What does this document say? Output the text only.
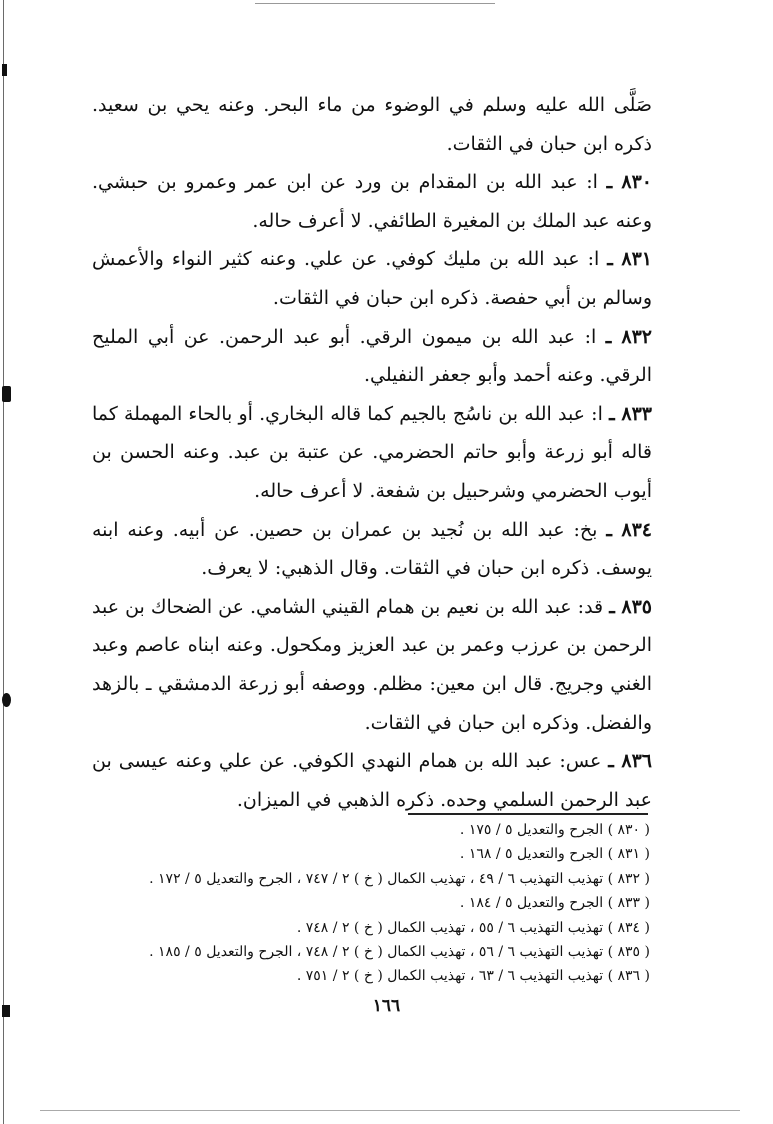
صَلَّى الله عليه وسلم في الوضوء من ماء البحر. وعنه يحي بن سعيد. ذكره ابن حبان في الثقات.

٨٣٠ ـ ا: عبد الله بن المقدام بن ورد عن ابن عمر وعمرو بن حبشي. وعنه عبد الملك بن المغيرة الطائفي. لا أعرف حاله.

٨٣١ ـ ا: عبد الله بن مليك كوفي. عن علي. وعنه كثير النواء والأعمش وسالم بن أبي حفصة. ذكره ابن حبان في الثقات.

٨٣٢ ـ ا: عبد الله بن ميمون الرقي. أبو عبد الرحمن. عن أبي المليح الرقي. وعنه أحمد وأبو جعفر النفيلي.

٨٣٣ ـ ا: عبد الله بن ناسُج بالجيم كما قاله البخاري. أو بالحاء المهملة كما قاله أبو زرعة وأبو حاتم الحضرمي. عن عتبة بن عبد. وعنه الحسن بن أيوب الحضرمي وشرحبيل بن شفعة. لا أعرف حاله.

٨٣٤ ـ بخ: عبد الله بن نُجيد بن عمران بن حصين. عن أبيه. وعنه ابنه يوسف. ذكره ابن حبان في الثقات. وقال الذهبي: لا يعرف.

٨٣٥ ـ قد: عبد الله بن نعيم بن همام القيني الشامي. عن الضحاك بن عبد الرحمن بن عرزب وعمر بن عبد العزيز ومكحول. وعنه ابناه عاصم وعبد الغني وجريج. قال ابن معين: مظلم. ووصفه أبو زرعة الدمشقي ـ بالزهد والفضل. وذكره ابن حبان في الثقات.

٨٣٦ ـ عس: عبد الله بن همام النهدي الكوفي. عن علي وعنه عيسى بن عبد الرحمن السلمي وحده. ذكره الذهبي في الميزان.

( ٨٣٠ ) الجرح والتعديل ٥ / ١٧٥ .

( ٨٣١ ) الجرح والتعديل ٥ / ١٦٨ .

( ٨٣٢ ) تهذيب التهذيب ٦ / ٤٩ ، تهذيب الكمال ( خ ) ٢ / ٧٤٧ ، الجرح والتعديل ٥ / ١٧٢ .

( ٨٣٣ ) الجرح والتعديل ٥ / ١٨٤ .

( ٨٣٤ ) تهذيب التهذيب ٦ / ٥٥ ، تهذيب الكمال ( خ ) ٢ / ٧٤٨ .

( ٨٣٥ ) تهذيب التهذيب ٦ / ٥٦ ، تهذيب الكمال ( خ ) ٢ / ٧٤٨ ، الجرح والتعديل ٥ / ١٨٥ .

( ٨٣٦ ) تهذيب التهذيب ٦ / ٦٣ ، تهذيب الكمال ( خ ) ٢ / ٧٥١ .

١٦٦
